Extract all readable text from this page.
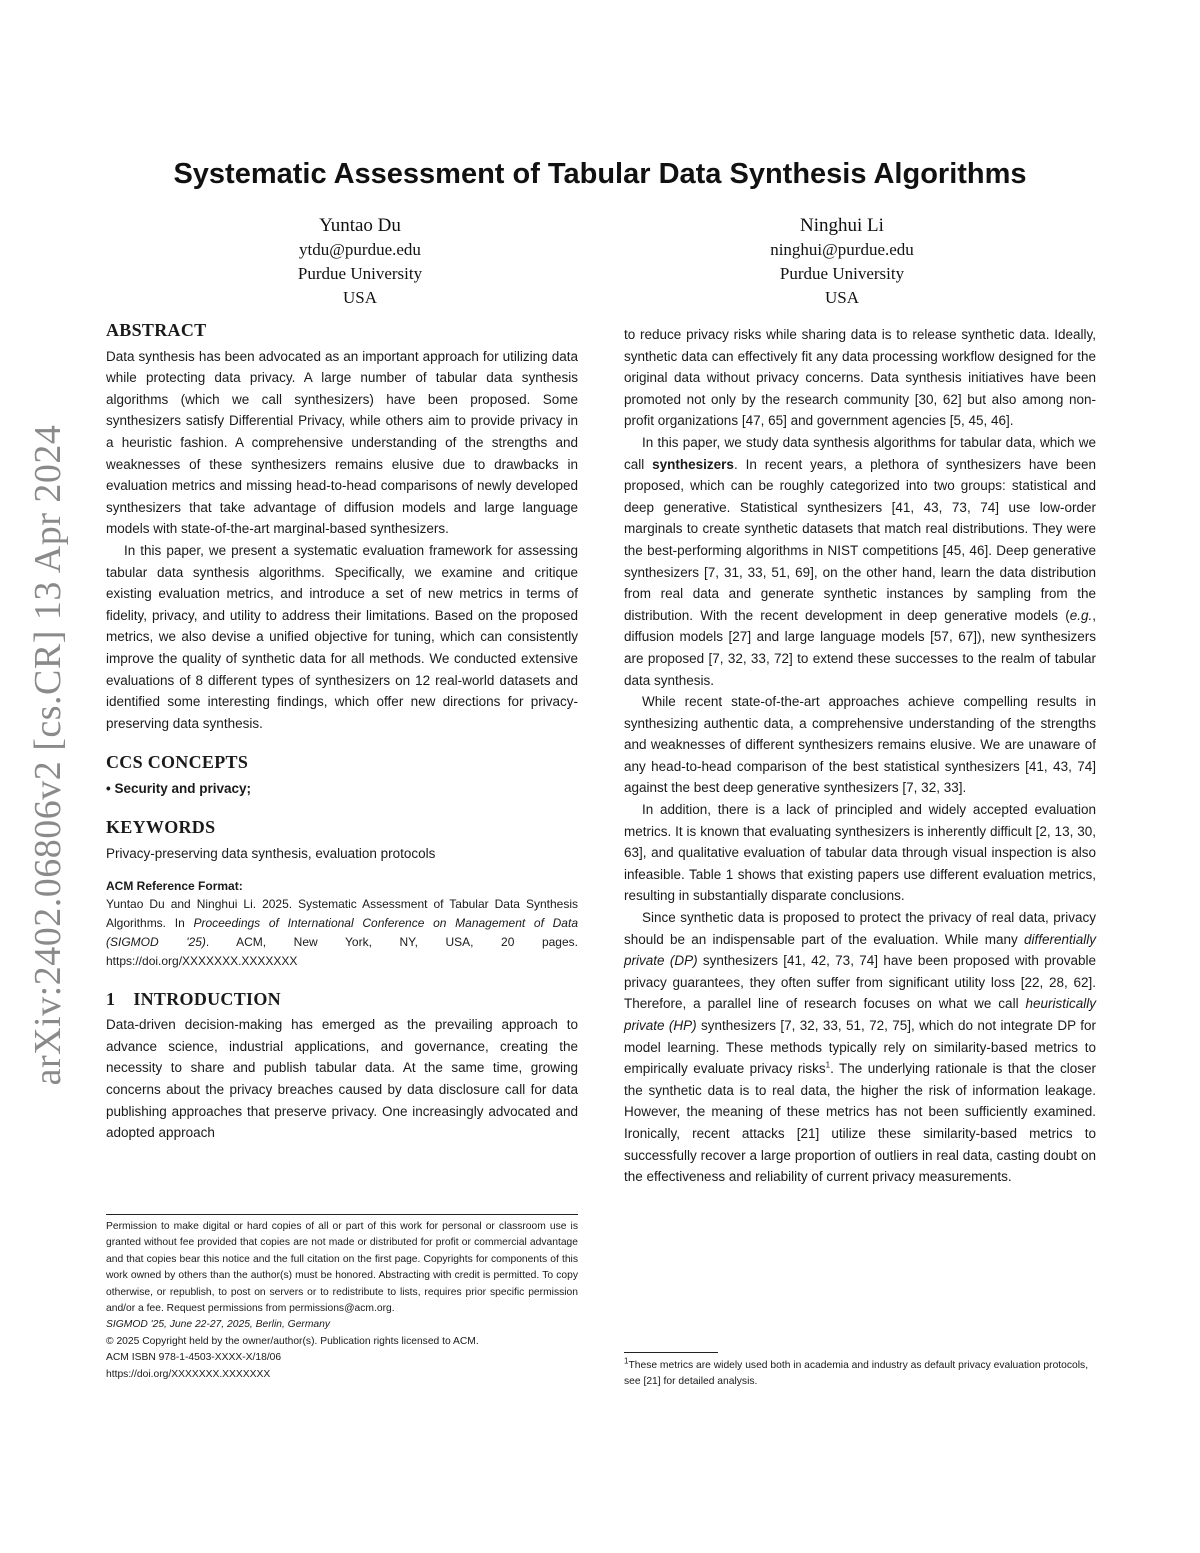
arXiv:2402.06806v2 [cs.CR] 13 Apr 2024
Systematic Assessment of Tabular Data Synthesis Algorithms
Yuntao Du
ytdu@purdue.edu
Purdue University
USA
Ninghui Li
ninghui@purdue.edu
Purdue University
USA
ABSTRACT

Data synthesis has been advocated as an important approach for utilizing data while protecting data privacy. A large number of tabular data synthesis algorithms (which we call synthesizers) have been proposed. Some synthesizers satisfy Differential Privacy, while others aim to provide privacy in a heuristic fashion. A comprehensive understanding of the strengths and weaknesses of these synthesizers remains elusive due to drawbacks in evaluation metrics and missing head-to-head comparisons of newly developed synthesizers that take advantage of diffusion models and large language models with state-of-the-art marginal-based synthesizers.

In this paper, we present a systematic evaluation framework for assessing tabular data synthesis algorithms. Specifically, we examine and critique existing evaluation metrics, and introduce a set of new metrics in terms of fidelity, privacy, and utility to address their limitations. Based on the proposed metrics, we also devise a unified objective for tuning, which can consistently improve the quality of synthetic data for all methods. We conducted extensive evaluations of 8 different types of synthesizers on 12 real-world datasets and identified some interesting findings, which offer new directions for privacy-preserving data synthesis.

CCS CONCEPTS

• Security and privacy;

KEYWORDS

Privacy-preserving data synthesis, evaluation protocols

ACM Reference Format:

Yuntao Du and Ninghui Li. 2025. Systematic Assessment of Tabular Data Synthesis Algorithms. In Proceedings of International Conference on Management of Data (SIGMOD '25). ACM, New York, NY, USA, 20 pages. https://doi.org/XXXXXXX.XXXXXXX

1 INTRODUCTION

Data-driven decision-making has emerged as the prevailing approach to advance science, industrial applications, and governance, creating the necessity to share and publish tabular data. At the same time, growing concerns about the privacy breaches caused by data disclosure call for data publishing approaches that preserve privacy. One increasingly advocated and adopted approach

Permission to make digital or hard copies of all or part of this work for personal or classroom use is granted without fee provided that copies are not made or distributed for profit or commercial advantage and that copies bear this notice and the full citation on the first page. Copyrights for components of this work owned by others than the author(s) must be honored. Abstracting with credit is permitted. To copy otherwise, or republish, to post on servers or to redistribute to lists, requires prior specific permission and/or a fee. Request permissions from permissions@acm.org.

SIGMOD '25, June 22-27, 2025, Berlin, Germany

© 2025 Copyright held by the owner/author(s). Publication rights licensed to ACM.

ACM ISBN 978-1-4503-XXXX-X/18/06

https://doi.org/XXXXXXX.XXXXXXX

to reduce privacy risks while sharing data is to release synthetic data. Ideally, synthetic data can effectively fit any data processing workflow designed for the original data without privacy concerns. Data synthesis initiatives have been promoted not only by the research community [30, 62] but also among non-profit organizations [47, 65] and government agencies [5, 45, 46].

In this paper, we study data synthesis algorithms for tabular data, which we call synthesizers. In recent years, a plethora of synthesizers have been proposed, which can be roughly categorized into two groups: statistical and deep generative. Statistical synthesizers [41, 43, 73, 74] use low-order marginals to create synthetic datasets that match real distributions. They were the best-performing algorithms in NIST competitions [45, 46]. Deep generative synthesizers [7, 31, 33, 51, 69], on the other hand, learn the data distribution from real data and generate synthetic instances by sampling from the distribution. With the recent development in deep generative models (e.g., diffusion models [27] and large language models [57, 67]), new synthesizers are proposed [7, 32, 33, 72] to extend these successes to the realm of tabular data synthesis.

While recent state-of-the-art approaches achieve compelling results in synthesizing authentic data, a comprehensive understanding of the strengths and weaknesses of different synthesizers remains elusive. We are unaware of any head-to-head comparison of the best statistical synthesizers [41, 43, 74] against the best deep generative synthesizers [7, 32, 33].

In addition, there is a lack of principled and widely accepted evaluation metrics. It is known that evaluating synthesizers is inherently difficult [2, 13, 30, 63], and qualitative evaluation of tabular data through visual inspection is also infeasible. Table 1 shows that existing papers use different evaluation metrics, resulting in substantially disparate conclusions.

Since synthetic data is proposed to protect the privacy of real data, privacy should be an indispensable part of the evaluation. While many differentially private (DP) synthesizers [41, 42, 73, 74] have been proposed with provable privacy guarantees, they often suffer from significant utility loss [22, 28, 62]. Therefore, a parallel line of research focuses on what we call heuristically private (HP) synthesizers [7, 32, 33, 51, 72, 75], which do not integrate DP for model learning. These methods typically rely on similarity-based metrics to empirically evaluate privacy risks$^1$. The underlying rationale is that the closer the synthetic data is to real data, the higher the risk of information leakage. However, the meaning of these metrics has not been sufficiently examined. Ironically, recent attacks [21] utilize these similarity-based metrics to successfully recover a large proportion of outliers in real data, casting doubt on the effectiveness and reliability of current privacy measurements.

$^1$These metrics are widely used both in academia and industry as default privacy evaluation protocols, see [21] for detailed analysis.
